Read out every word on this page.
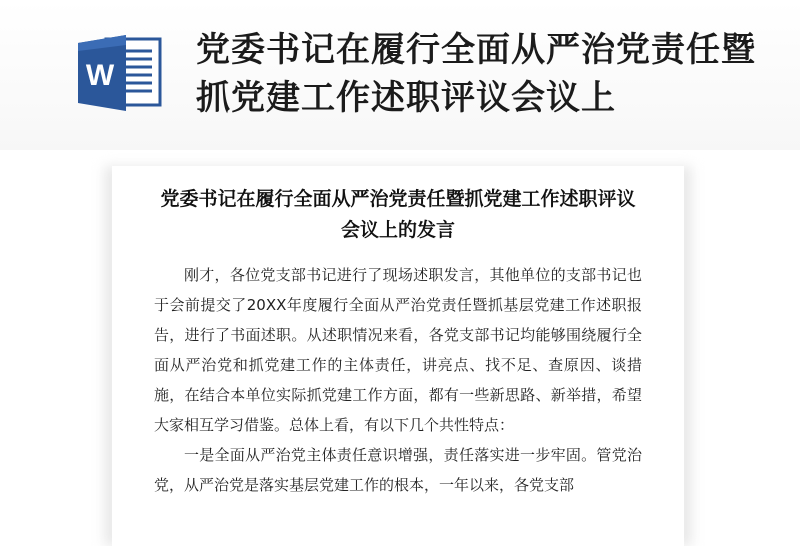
W
党委书记在履行全面从严治党责任暨抓党建工作述职评议会议上
党委书记在履行全面从严治党责任暨抓党建工作述职评议会议上的发言

刚才，各位党支部书记进行了现场述职发言，其他单位的支部书记也于会前提交了20XX年度履行全面从严治党责任暨抓基层党建工作述职报告，进行了书面述职。从述职情况来看，各党支部书记均能够围绕履行全面从严治党和抓党建工作的主体责任，讲亮点、找不足、查原因、谈措施，在结合本单位实际抓党建工作方面，都有一些新思路、新举措，希望大家相互学习借鉴。总体上看，有以下几个共性特点：

一是全面从严治党主体责任意识增强，责任落实进一步牢固。管党治党，从严治党是落实基层党建工作的根本，一年以来，各党支部
